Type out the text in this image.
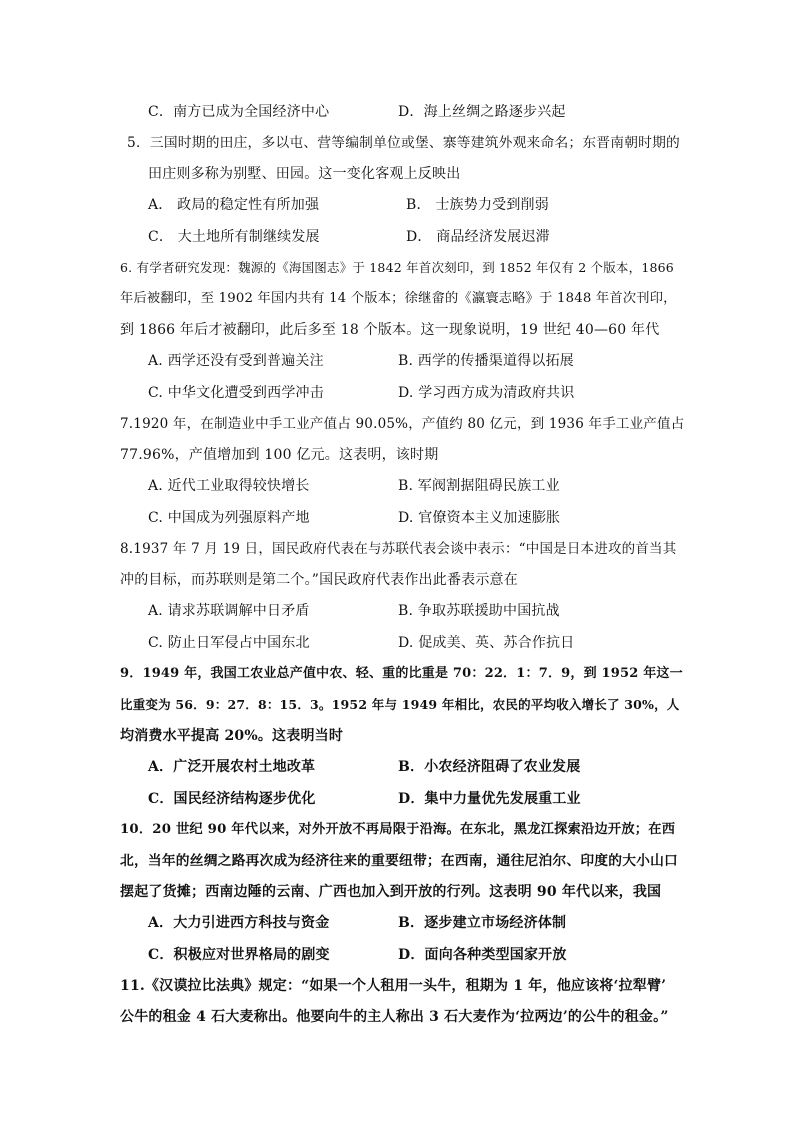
C．南方已成为全国经济中心	D．海上丝绸之路逐步兴起
5．三国时期的田庄，多以屯、营等编制单位或堡、寨等建筑外观来命名；东晋南朝时期的
田庄则多称为别墅、田园。这一变化客观上反映出
A． 政局的稳定性有所加强	B． 士族势力受到削弱
C． 大土地所有制继续发展	D． 商品经济发展迟滞
6. 有学者研究发现：魏源的《海国图志》于 1842 年首次刻印，到 1852 年仅有 2 个版本，1866
年后被翻印，至 1902 年国内共有 14 个版本；徐继畲的《瀛寰志略》于 1848 年首次刊印，
到 1866 年后才被翻印，此后多至 18 个版本。这一现象说明，19 世纪 40—60 年代
A. 西学还没有受到普遍关注	B. 西学的传播渠道得以拓展
C. 中华文化遭受到西学冲击	D. 学习西方成为清政府共识
7.1920 年，在制造业中手工业产值占 90.05%，产值约 80 亿元，到 1936 年手工业产值占
77.96%，产值增加到 100 亿元。这表明，该时期
A. 近代工业取得较快增长	B. 军阀割据阻碍民族工业
C. 中国成为列强原料产地	D. 官僚资本主义加速膨胀
8.1937 年 7 月 19 日，国民政府代表在与苏联代表会谈中表示：“中国是日本进攻的首当其
冲的目标，而苏联则是第二个。”国民政府代表作出此番表示意在
A. 请求苏联调解中日矛盾	B. 争取苏联援助中国抗战
C. 防止日军侵占中国东北	D. 促成美、英、苏合作抗日
9．1949 年，我国工农业总产值中农、轻、重的比重是 70：22．1：7．9，到 1952 年这一
比重变为 56．9：27．8：15．3。1952 年与 1949 年相比，农民的平均收入增长了 30%，人
均消费水平提高 20%。这表明当时
A．广泛开展农村土地改革	B．小农经济阻碍了农业发展
C．国民经济结构逐步优化	D．集中力量优先发展重工业
10．20 世纪 90 年代以来，对外开放不再局限于沿海。在东北，黑龙江探索沿边开放；在西
北，当年的丝绸之路再次成为经济往来的重要纽带；在西南，通往尼泊尔、印度的大小山口
摆起了货摊；西南边陲的云南、广西也加入到开放的行列。这表明 90 年代以来，我国
A．大力引进西方科技与资金	B．逐步建立市场经济体制
C．积极应对世界格局的剧变	D．面向各种类型国家开放
11.《汉谟拉比法典》规定：“如果一个人租用一头牛，租期为 1 年，他应该将‘拉犁臂’
公牛的租金 4 石大麦称出。他要向牛的主人称出 3 石大麦作为‘拉两边’的公牛的租金。”
